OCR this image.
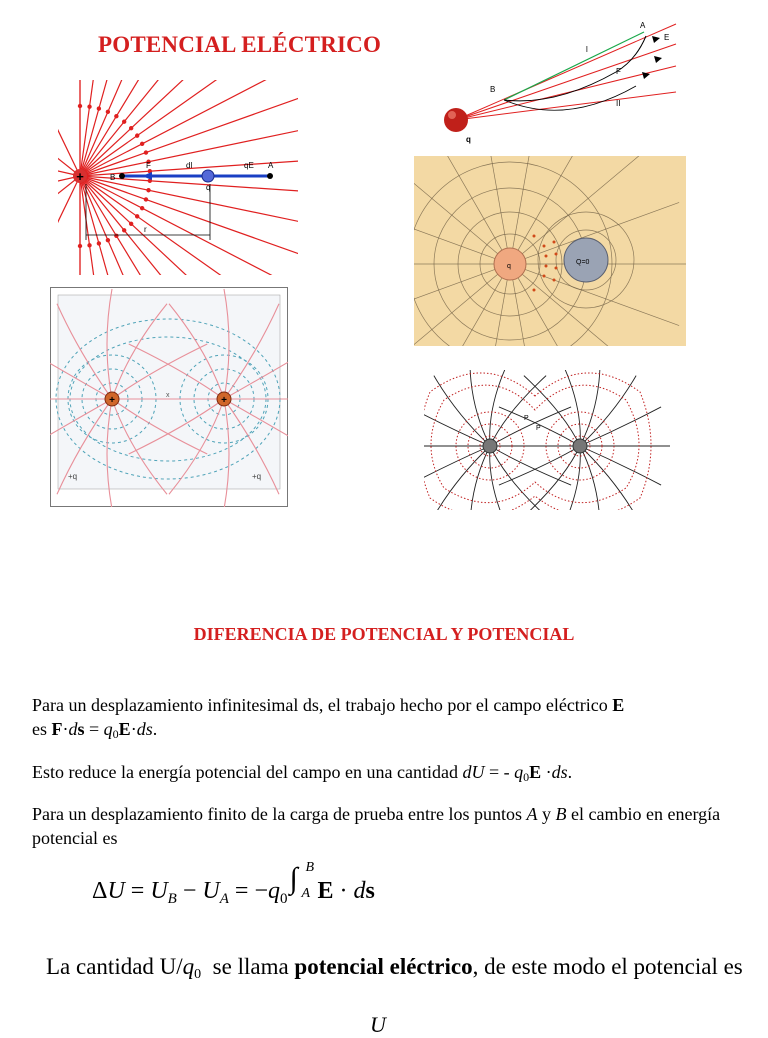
POTENCIAL ELÉCTRICO
+	B
F	dl	qE A
q
r
A
B
E
F
l
II
q
q
Q=0
+	+
x
+q	+q
P
P
DIFERENCIA DE POTENCIAL Y POTENCIAL
Para un desplazamiento infinitesimal ds, el trabajo hecho por el campo eléctrico E
es $F\cdot ds = q_0E\cdot ds$.
Esto reduce la energía potencial del campo en una cantidad dU = - $q_0E \cdot ds$.
Para un desplazamiento finito de la carga de prueba entre los puntos A y B el cambio en energía potencial es
$\Delta U = U_B - U_A = -q_0$
∫ B
A E · ds
La cantidad $U/q_0$  se llama potencial eléctrico, de este modo el potencial es
U
